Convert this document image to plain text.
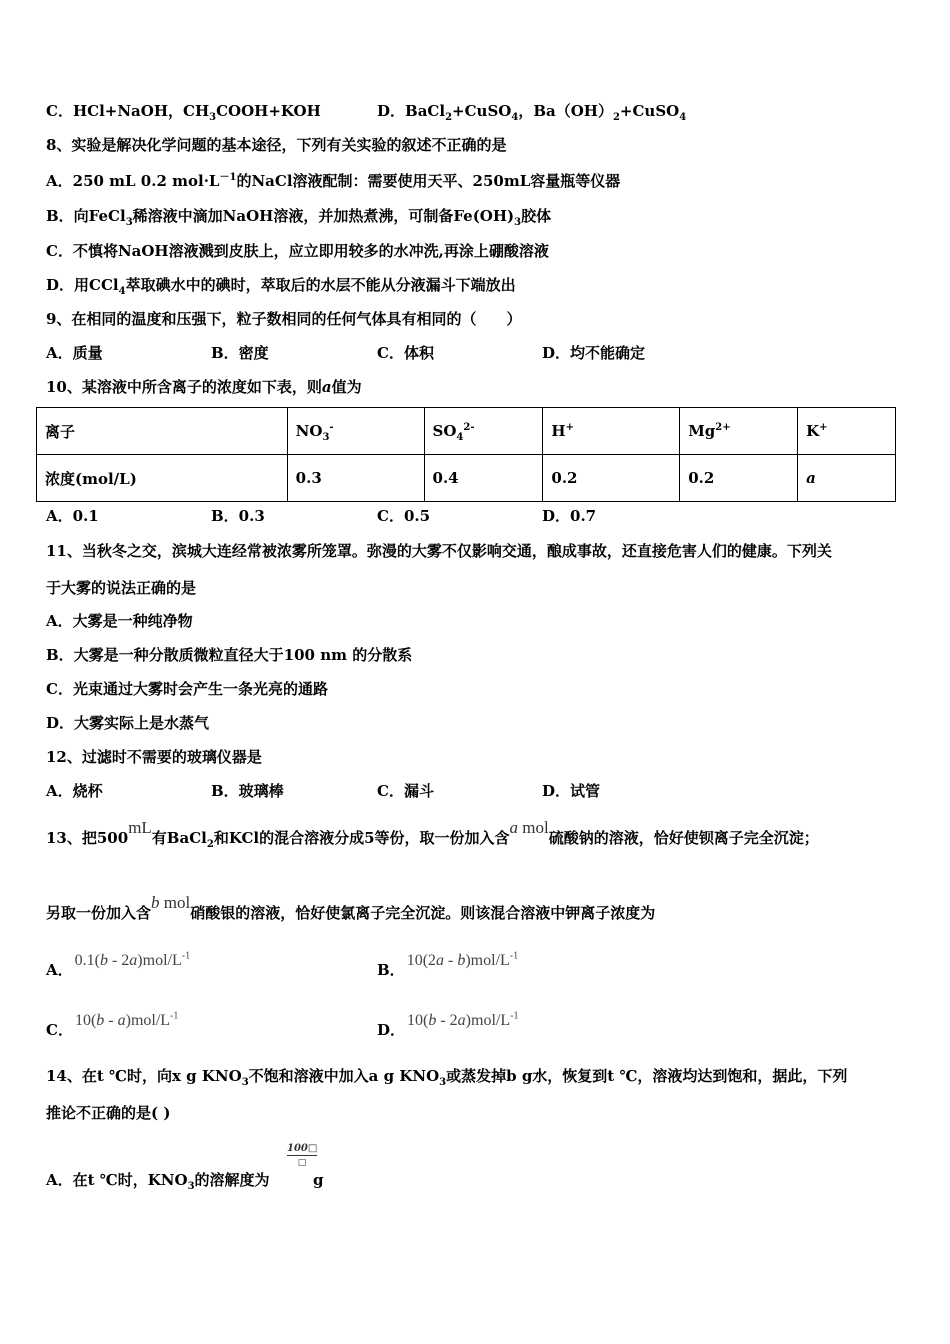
C．HCl+NaOH，$CH_3COOH+KOH$	D．BaCl$_2$+CuSO$_4$，$Ba(OH)_2+CuSO_4$
8、实验是解决化学问题的基本途径，下列有关实验的叙述不正确的是
A．250 mL 0.2 $mol\cdot L^{-1}$的NaCl溶液配制：需要使用天平、250mL容量瓶等仪器
B．向FeCl$_3$稀溶液中滴加NaOH溶液，并加热煮沸，可制备$Fe(OH)_3$胶体
C．不慎将NaOH溶液溅到皮肤上，应立即用较多的水冲洗,再涂上硼酸溶液
D．用CCl$_4$萃取碘水中的碘时，萃取后的水层不能从分液漏斗下端放出
9、在相同的温度和压强下，粒子数相同的任何气体具有相同的（　　）
A．质量	B．密度	C．体积	D．均不能确定
10、某溶液中所含离子的浓度如下表，则a值为
离子	$NO_3^-$	$SO_4^{2-}$	H+	$Mg^{2+}$	K+
浓度(mol/L)	0.3	0.4	0.2	0.2	a
A．0.1	B．0.3	C．0.5	D．0.7
11、当秋冬之交，滨城大连经常被浓雾所笼罩。弥漫的大雾不仅影响交通，酿成事故，还直接危害人们的健康。下列关
于大雾的说法正确的是
A．大雾是一种纯净物
B．大雾是一种分散质微粒直径大于100 nm 的分散系
C．光束通过大雾时会产生一条光亮的通路
D．大雾实际上是水蒸气
12、过滤时不需要的玻璃仪器是
A．烧杯	B．玻璃棒	C．漏斗	D．试管
13、把500mL有BaCl$_2$和KCl的混合溶液分成5等份，取一份加入含a mol硫酸钠的溶液，恰好使钡离子完全沉淀；
另取一份加入含b mol硝酸银的溶液，恰好使氯离子完全沉淀。则该混合溶液中钾离子浓度为
A．$0.1(b - 2a)mol/L^{-1}$
B．$10(2a - b)mol/L^{-1}$
C．$10(b - a)mol/L^{-1}$
D．$10(b - 2a)mol/L^{-1}$
14、在t ℃时，向x g $KNO_3$不饱和溶液中加入a g $KNO_3$或蒸发掉b g水，恢复到t ℃，溶液均达到饱和，据此，下列
推论不正确的是( )
A．在t ℃时，$KNO_3$的溶解度为
100□
□
g
